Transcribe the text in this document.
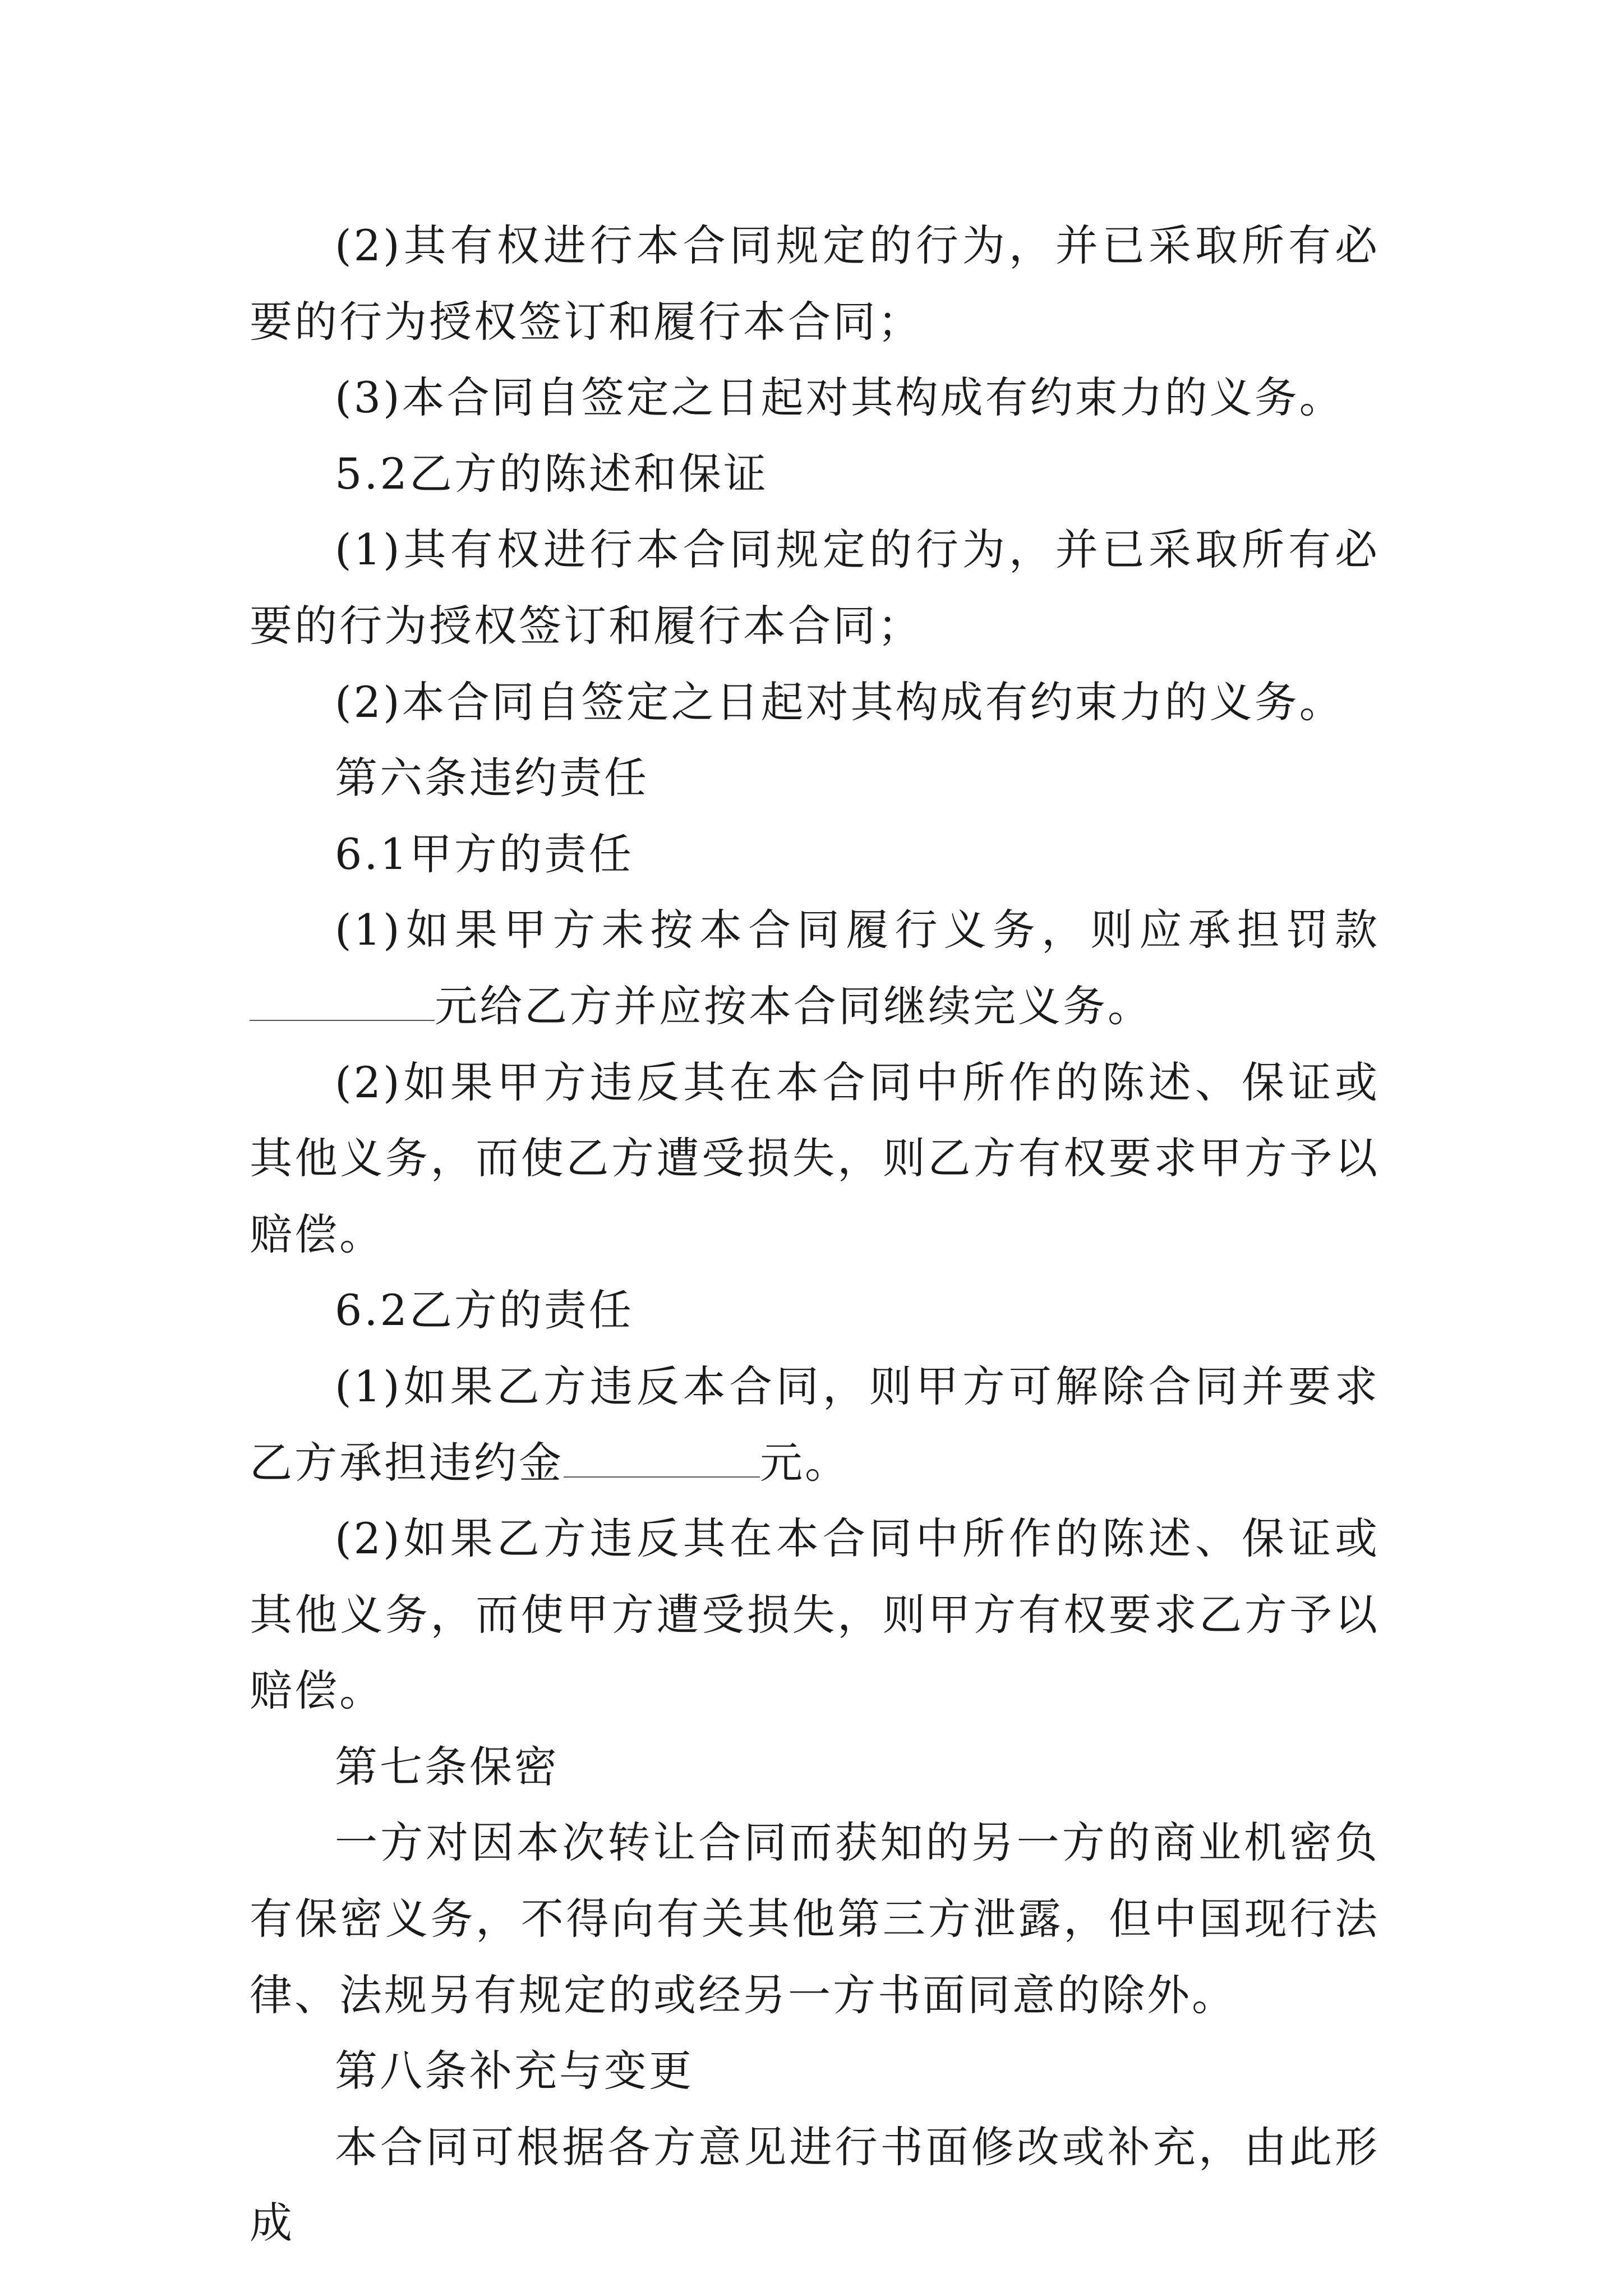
(2)其有权进行本合同规定的行为，并已采取所有必要的行为授权签订和履行本合同；

(3)本合同自签定之日起对其构成有约束力的义务。

5.2乙方的陈述和保证

(1)其有权进行本合同规定的行为，并已采取所有必要的行为授权签订和履行本合同；

(2)本合同自签定之日起对其构成有约束力的义务。

第六条违约责任

6.1甲方的责任

(1)如果甲方未按本合同履行义务，则应承担罚款元给乙方并应按本合同继续完义务。

(2)如果甲方违反其在本合同中所作的陈述、保证或其他义务，而使乙方遭受损失，则乙方有权要求甲方予以赔偿。

6.2乙方的责任

(1)如果乙方违反本合同，则甲方可解除合同并要求乙方承担违约金	元。

(2)如果乙方违反其在本合同中所作的陈述、保证或其他义务，而使甲方遭受损失，则甲方有权要求乙方予以赔偿。

第七条保密

一方对因本次转让合同而获知的另一方的商业机密负有保密义务，不得向有关其他第三方泄露，但中国现行法律、法规另有规定的或经另一方书面同意的除外。

第八条补充与变更

本合同可根据各方意见进行书面修改或补充，由此形成
